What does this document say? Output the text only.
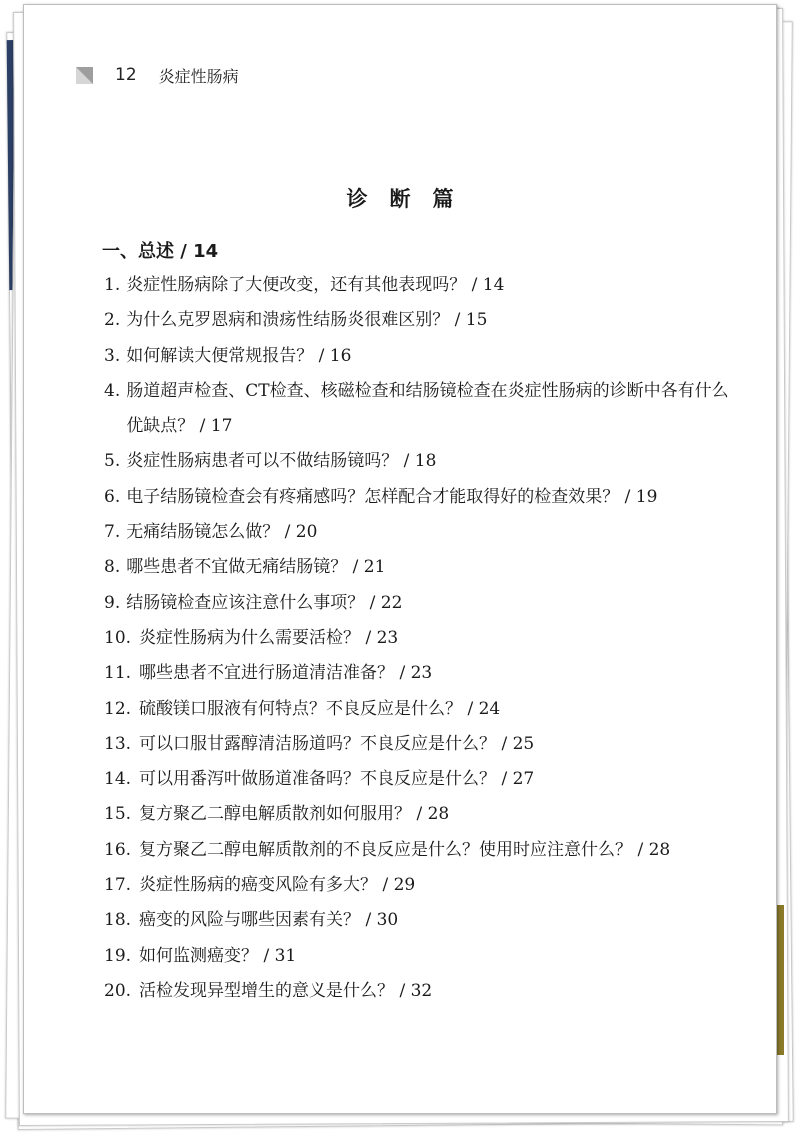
12 炎症性肠病
诊断篇
一、总述 / 14
1. 炎症性肠病除了大便改变，还有其他表现吗？ / 14
2. 为什么克罗恩病和溃疡性结肠炎很难区别？ / 15
3. 如何解读大便常规报告？ / 16
4. 肠道超声检查、CT检查、核磁检查和结肠镜检查在炎症性肠病的诊断中各有什么优缺点？ / 17
5. 炎症性肠病患者可以不做结肠镜吗？ / 18
6. 电子结肠镜检查会有疼痛感吗？怎样配合才能取得好的检查效果？ / 19
7. 无痛结肠镜怎么做？ / 20
8. 哪些患者不宜做无痛结肠镜？ / 21
9. 结肠镜检查应该注意什么事项？ / 22
10. 炎症性肠病为什么需要活检？ / 23
11. 哪些患者不宜进行肠道清洁准备？ / 23
12. 硫酸镁口服液有何特点？不良反应是什么？ / 24
13. 可以口服甘露醇清洁肠道吗？不良反应是什么？ / 25
14. 可以用番泻叶做肠道准备吗？不良反应是什么？ / 27
15. 复方聚乙二醇电解质散剂如何服用？ / 28
16. 复方聚乙二醇电解质散剂的不良反应是什么？使用时应注意什么？ / 28
17. 炎症性肠病的癌变风险有多大？ / 29
18. 癌变的风险与哪些因素有关？ / 30
19. 如何监测癌变？ / 31
20. 活检发现异型增生的意义是什么？ / 32
